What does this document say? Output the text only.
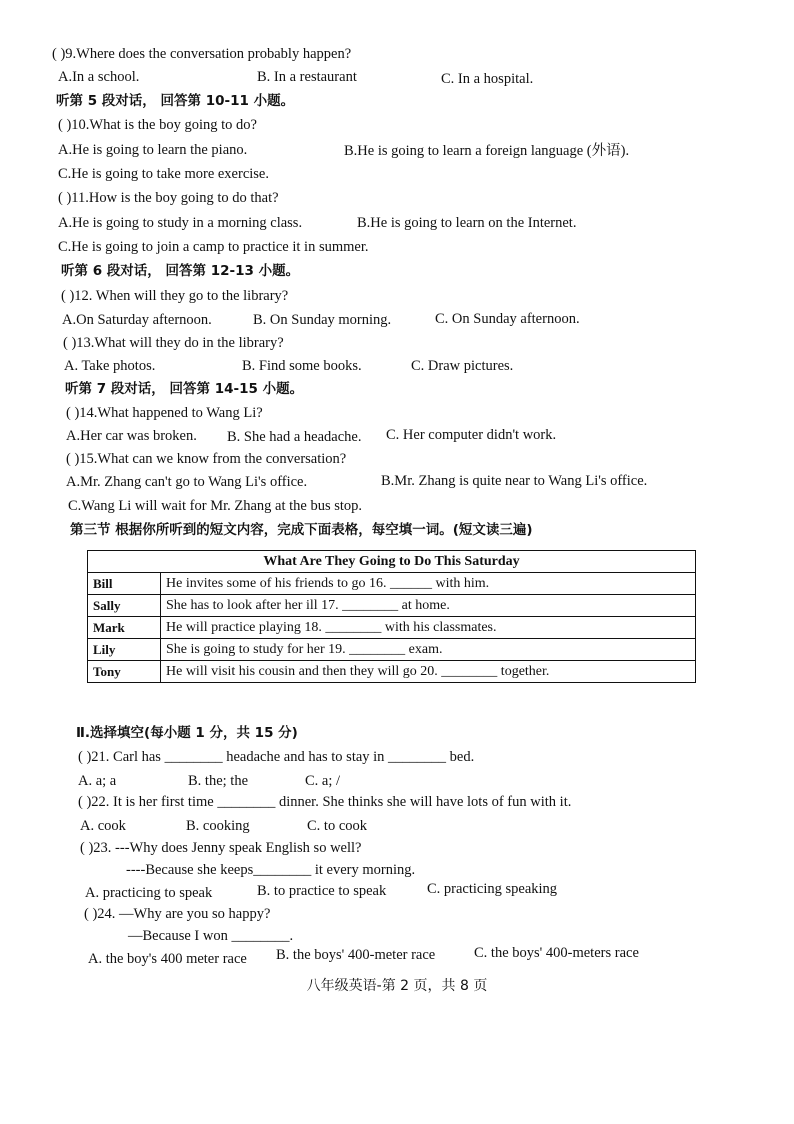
( )9.Where does the conversation probably happen?
A.In a school.	B. In a restaurant	C. In a hospital.
听第 5 段对话， 回答第 10-11 小题。
( )10.What is the boy going to do?
A.He is going to learn the piano.	B.He is going to learn a foreign language (外语).
C.He is going to take more exercise.
( )11.How is the boy going to do that?
A.He is going to study in a morning class.	B.He is going to learn on the Internet.
C.He is going to join a camp to practice it in summer.
听第 6 段对话， 回答第 12-13 小题。
( )12. When will they go to the library?
A.On Saturday afternoon.	B. On Sunday morning.	C. On Sunday afternoon.
( )13.What will they do in the library?
A. Take photos.	B. Find some books.	C. Draw pictures.
听第 7 段对话， 回答第 14-15 小题。
( )14.What happened to Wang Li?
A.Her car was broken. B. She had a headache. C. Her computer didn't work.
( )15.What can we know from the conversation?
A.Mr. Zhang can't go to Wang Li's office.	B.Mr. Zhang is quite near to Wang Li's office.
C.Wang Li will wait for Mr. Zhang at the bus stop.
第三节 根据你所听到的短文内容，完成下面表格，每空填一词。(短文读三遍)
What Are They Going to Do This Saturday	
Bill	He invites some of his friends to go 16. ______ with him.
Sally	She has to look after her ill 17. ________ at home.
Mark	He will practice playing 18. ________ with his classmates.
Lily	She is going to study for her 19. ________ exam.
Tony	He will visit his cousin and then they will go 20. ________ together.
Ⅱ.选择填空(每小题 1 分，共 15 分)
( )21. Carl has ________ headache and has to stay in ________ bed.
A. a; a	B. the; the	C. a; /
( )22. It is her first time ________ dinner. She thinks she will have lots of fun with it.
A. cook	B. cooking	C. to cook
( )23. ---Why does Jenny speak English so well?
----Because she keeps________ it every morning.
A. practicing to speak	B. to practice to speak	C. practicing speaking
( )24. —Why are you so happy?
—Because I won ________.
A. the boy's 400 meter race B. the boys' 400-meter race	C. the boys' 400-meters race
八年级英语-第 2 页，共 8 页
